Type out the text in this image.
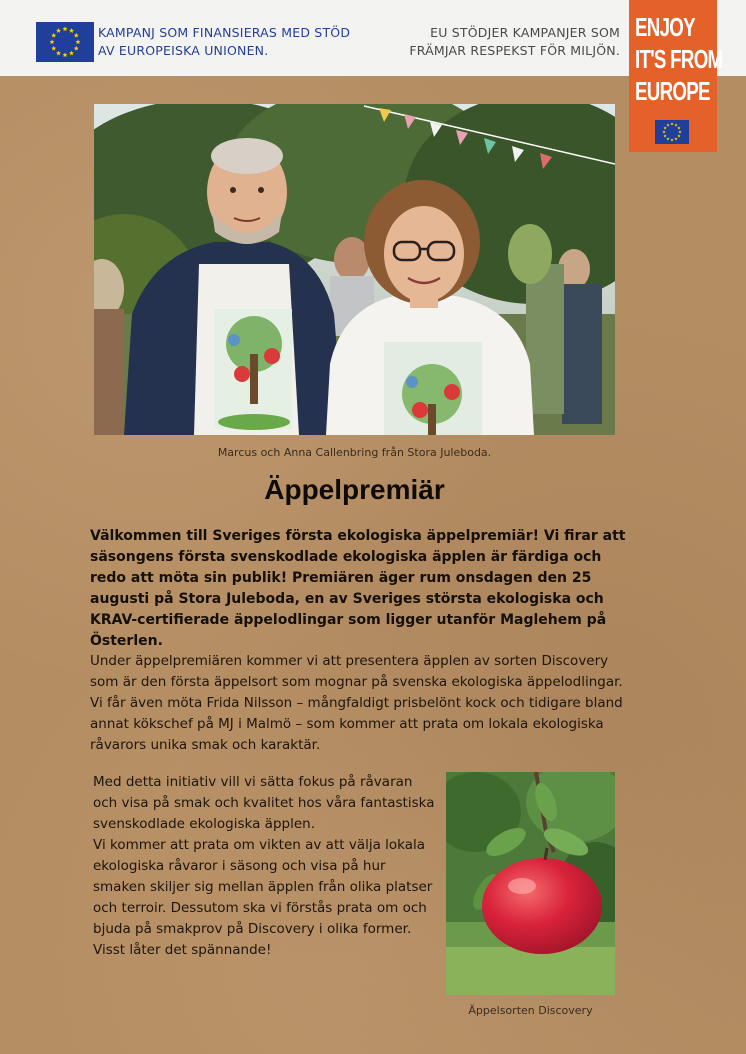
KAMPANJ SOM FINANSIERAS MED STÖD
AV EUROPEISKA UNIONEN.
EU STÖDJER KAMPANJER SOM
FRÄMJAR RESPEKST FÖR MILJÖN.
ENJOY
IT'S FROM
EUROPE
Marcus och Anna Callenbring från Stora Juleboda.
Äppelpremiär
Välkommen till Sveriges första ekologiska äppelpremiär! Vi firar att säsongens första svenskodlade ekologiska äpplen är färdiga och redo att möta sin publik! Premiären äger rum onsdagen den 25 augusti på Stora Juleboda, en av Sveriges största ekologiska och KRAV-certifierade äppelodlingar som ligger utanför Maglehem på Österlen.
Under äppelpremiären kommer vi att presentera äpplen av sorten Discovery som är den första äppelsort som mognar på svenska ekologiska äppelodlingar. Vi får även möta Frida Nilsson – mångfaldigt prisbelönt kock och tidigare bland annat kökschef på MJ i Malmö – som kommer att prata om lokala ekologiska råvarors unika smak och karaktär.

Med detta initiativ vill vi sätta fokus på råvaran och visa på smak och kvalitet hos våra fantastiska svenskodlade ekologiska äpplen.

Vi kommer att prata om vikten av att välja lokala ekologiska råvaror i säsong och visa på hur smaken skiljer sig mellan äpplen från olika platser och terroir. Dessutom ska vi förstås prata om och bjuda på smakprov på Discovery i olika former. Visst låter det spännande!

Äppelsorten Discovery
